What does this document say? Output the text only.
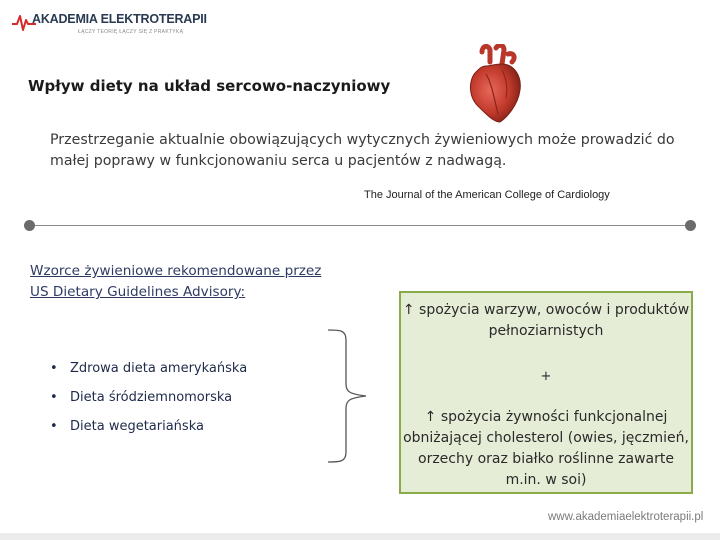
AKADEMIA ELEKTROTERAPII
ŁĄCZY TEORIĘ ŁĄCZY SIĘ Z PRAKTYKĄ
Wpływ diety na układ sercowo-naczyniowy
Przestrzeganie aktualnie obowiązujących wytycznych żywieniowych może prowadzić do małej poprawy w funkcjonowaniu serca u pacjentów z nadwagą.
The Journal of the American College of Cardiology
Wzorce żywieniowe rekomendowane przez US Dietary Guidelines Advisory:
• Zdrowa dieta amerykańska
• Dieta śródziemnomorska
• Dieta wegetariańska
↑ spożycia warzyw, owoców i produktów pełnoziarnistych
+
↑ spożycia żywności funkcjonalnej obniżającej cholesterol (owies, jęczmień, orzechy oraz białko roślinne zawarte m.in. w soi)
www.akademiaelektroterapii.pl
